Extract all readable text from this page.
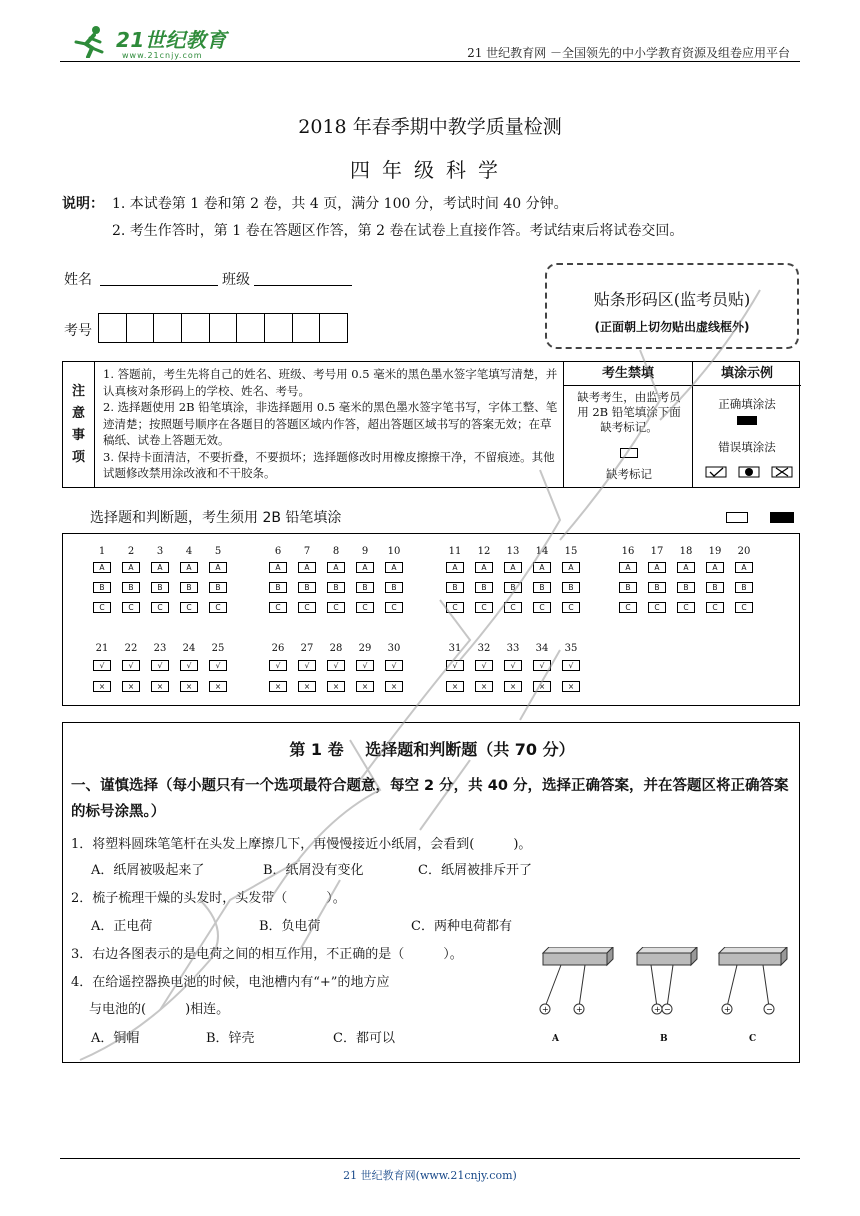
21世纪教育
www.21cnjy.com	21 世纪教育网 －全国领先的中小学教育资源及组卷应用平台
2018 年春季期中教学质量检测
四年级科学
说明： 1. 本试卷第 1 卷和第 2 卷，共 4 页，满分 100 分，考试时间 40 分钟。
2. 考生作答时，第 1 卷在答题区作答，第 2 卷在试卷上直接作答。考试结束后将试卷交回。
姓名	班级
考号
贴条形码区(监考员贴)
(正面朝上切勿贴出虚线框外)
注
意
事
项
1. 答题前，考生先将自己的姓名、班级、考号用 0.5 毫米的黑色墨水签字笔填写清楚，并认真核对条形码上的学校、姓名、考号。
2. 选择题使用 2B 铅笔填涂，非选择题用 0.5 毫米的黑色墨水签字笔书写，字体工整、笔迹清楚；按照题号顺序在各题目的答题区域内作答，超出答题区域书写的答案无效；在草稿纸、试卷上答题无效。
3. 保持卡面清洁，不要折叠，不要损坏；选择题修改时用橡皮擦擦干净，不留痕迹。其他试题修改禁用涂改液和不干胶条。
考生禁填
缺考考生，由监考员用 2B 铅笔填涂下面缺考标记。
缺考标记
填涂示例
正确填涂法
错误填涂法
选择题和判断题，考生须用 2B 铅笔填涂
1
A
B
C
2
A
B
C
3
A
B
C
4
A
B
C
5
A
B
C
6
A
B
C
7
A
B
C
8
A
B
C
9
A
B
C
10
A
B
C
11
A
B
C
12
A
B
C
13
A
B
C
14
A
B
C
15
A
B
C
16
A
B
C
17
A
B
C
18
A
B
C
19
A
B
C
20
A
B
C
21
√
×
22
√
×
23
√
×
24
√
×
25
√
×
26
√
×
27
√
×
28
√
×
29
√
×
30
√
×
31
√
×
32
√
×
33
√
×
34
√
×
35
√
×
第 1 卷　 选择题和判断题（共 70 分）
一、谨慎选择（每小题只有一个选项最符合题意，每空 2 分，共 40 分，选择正确答案，并在答题区将正确答案的标号涂黑。）
1．将塑料圆珠笔笔杆在头发上摩擦几下，再慢慢接近小纸屑，会看到(　　　)。
A．纸屑被吸起来了	B．纸屑没有变化	C．纸屑被排斥开了
2．梳子梳理干燥的头发时，头发带（　　　）。
A．正电荷	B．负电荷	C．两种电荷都有
3．右边各图表示的是电荷之间的相互作用，不正确的是（　　　）。
4．在给遥控器换电池的时候，电池槽内有“+”的地方应
与电池的(　　　)相连。
A．铜帽	B．锌壳	C．都可以
+	+
A
+ −
B
+	−
C
21 世纪教育网(www.21cnjy.com)
